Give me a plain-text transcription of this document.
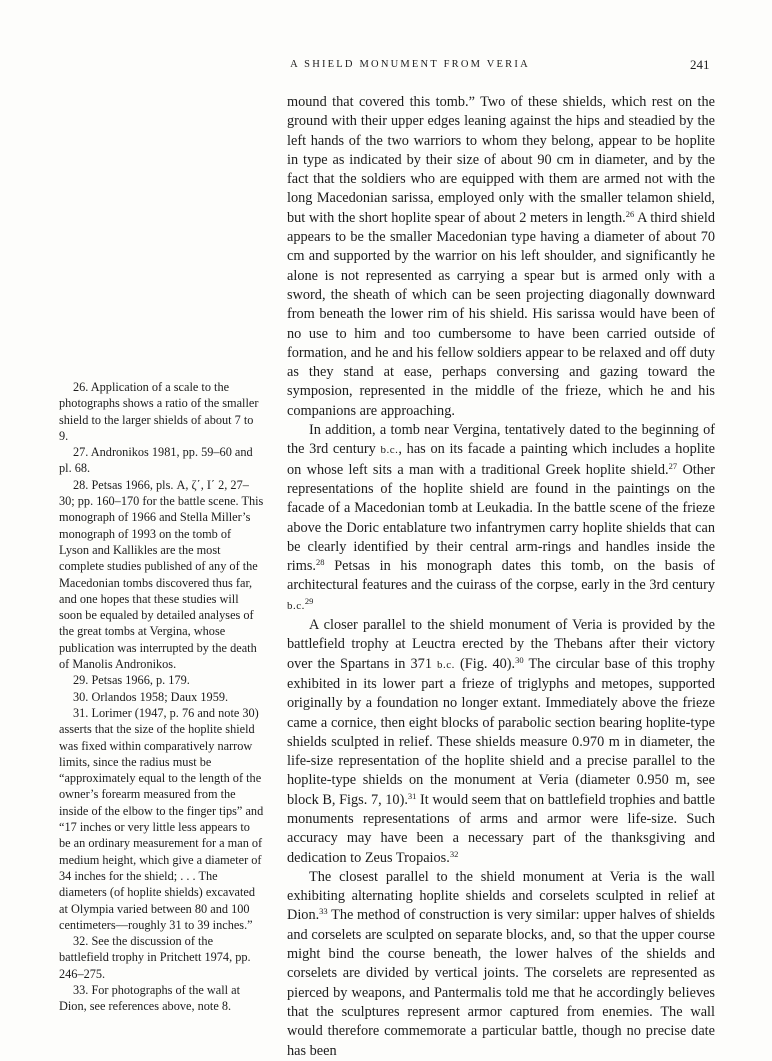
A SHIELD MONUMENT FROM VERIA	241

mound that covered this tomb.” Two of these shields, which rest on the ground with their upper edges leaning against the hips and steadied by the left hands of the two warriors to whom they belong, appear to be hoplite in type as indicated by their size of about 90 cm in diameter, and by the fact that the soldiers who are equipped with them are armed not with the long Macedonian sarissa, employed only with the smaller telamon shield, but with the short hoplite spear of about 2 meters in length.$^{26}$ A third shield appears to be the smaller Macedonian type having a diameter of about 70 cm and supported by the warrior on his left shoulder, and significantly he alone is not represented as carrying a spear but is armed only with a sword, the sheath of which can be seen projecting diagonally downward from beneath the lower rim of his shield. His sarissa would have been of no use to him and too cumbersome to have been carried outside of formation, and he and his fellow soldiers appear to be relaxed and off duty as they stand at ease, perhaps conversing and gazing toward the symposion, represented in the middle of the frieze, which he and his companions are approaching.

In addition, a tomb near Vergina, tentatively dated to the beginning of the 3rd century b.c., has on its facade a painting which includes a hoplite on whose left sits a man with a traditional Greek hoplite shield.$^{27}$ Other representations of the hoplite shield are found in the paintings on the facade of a Macedonian tomb at Leukadia. In the battle scene of the frieze above the Doric entablature two infantrymen carry hoplite shields that can be clearly identified by their central arm-rings and handles inside the rims.$^{28}$ Petsas in his monograph dates this tomb, on the basis of architectural features and the cuirass of the corpse, early in the 3rd century b.c.$^{29}$

A closer parallel to the shield monument of Veria is provided by the battlefield trophy at Leuctra erected by the Thebans after their victory over the Spartans in 371 b.c. (Fig. 40).$^{30}$ The circular base of this trophy exhibited in its lower part a frieze of triglyphs and metopes, supported originally by a foundation no longer extant. Immediately above the frieze came a cornice, then eight blocks of parabolic section bearing hoplite-type shields sculpted in relief. These shields measure 0.970 m in diameter, the life-size representation of the hoplite shield and a precise parallel to the hoplite-type shields on the monument at Veria (diameter 0.950 m, see block B, Figs. 7, 10).$^{31}$ It would seem that on battlefield trophies and battle monuments representations of arms and armor were life-size. Such accuracy may have been a necessary part of the thanksgiving and dedication to Zeus Tropaios.$^{32}$

The closest parallel to the shield monument at Veria is the wall exhibiting alternating hoplite shields and corselets sculpted in relief at Dion.$^{33}$ The method of construction is very similar: upper halves of shields and corselets are sculpted on separate blocks, and, so that the upper course might bind the course beneath, the lower halves of the shields and corselets are divided by vertical joints. The corselets are represented as pierced by weapons, and Pantermalis told me that he accordingly believes that the sculptures represent armor captured from enemies. The wall would therefore commemorate a particular battle, though no precise date has been

26. Application of a scale to the photographs shows a ratio of the smaller shield to the larger shields of about 7 to 9.

27. Andronikos 1981, pp. 59–60 and pl. 68.

28. Petsas 1966, pls. Α, ζ΄, Ι΄ 2, 27–30; pp. 160–170 for the battle scene. This monograph of 1966 and Stella Miller’s monograph of 1993 on the tomb of Lyson and Kallikles are the most complete studies published of any of the Macedonian tombs discovered thus far, and one hopes that these studies will soon be equaled by detailed analyses of the great tombs at Vergina, whose publication was interrupted by the death of Manolis Andronikos.

29. Petsas 1966, p. 179.

30. Orlandos 1958; Daux 1959.

31. Lorimer (1947, p. 76 and note 30) asserts that the size of the hoplite shield was fixed within comparatively narrow limits, since the radius must be “approximately equal to the length of the owner’s forearm measured from the inside of the elbow to the finger tips” and “17 inches or very little less appears to be an ordinary measurement for a man of medium height, which give a diameter of 34 inches for the shield; . . . The diameters (of hoplite shields) excavated at Olympia varied between 80 and 100 centimeters—roughly 31 to 39 inches.”

32. See the discussion of the battlefield trophy in Pritchett 1974, pp. 246–275.

33. For photographs of the wall at Dion, see references above, note 8.
